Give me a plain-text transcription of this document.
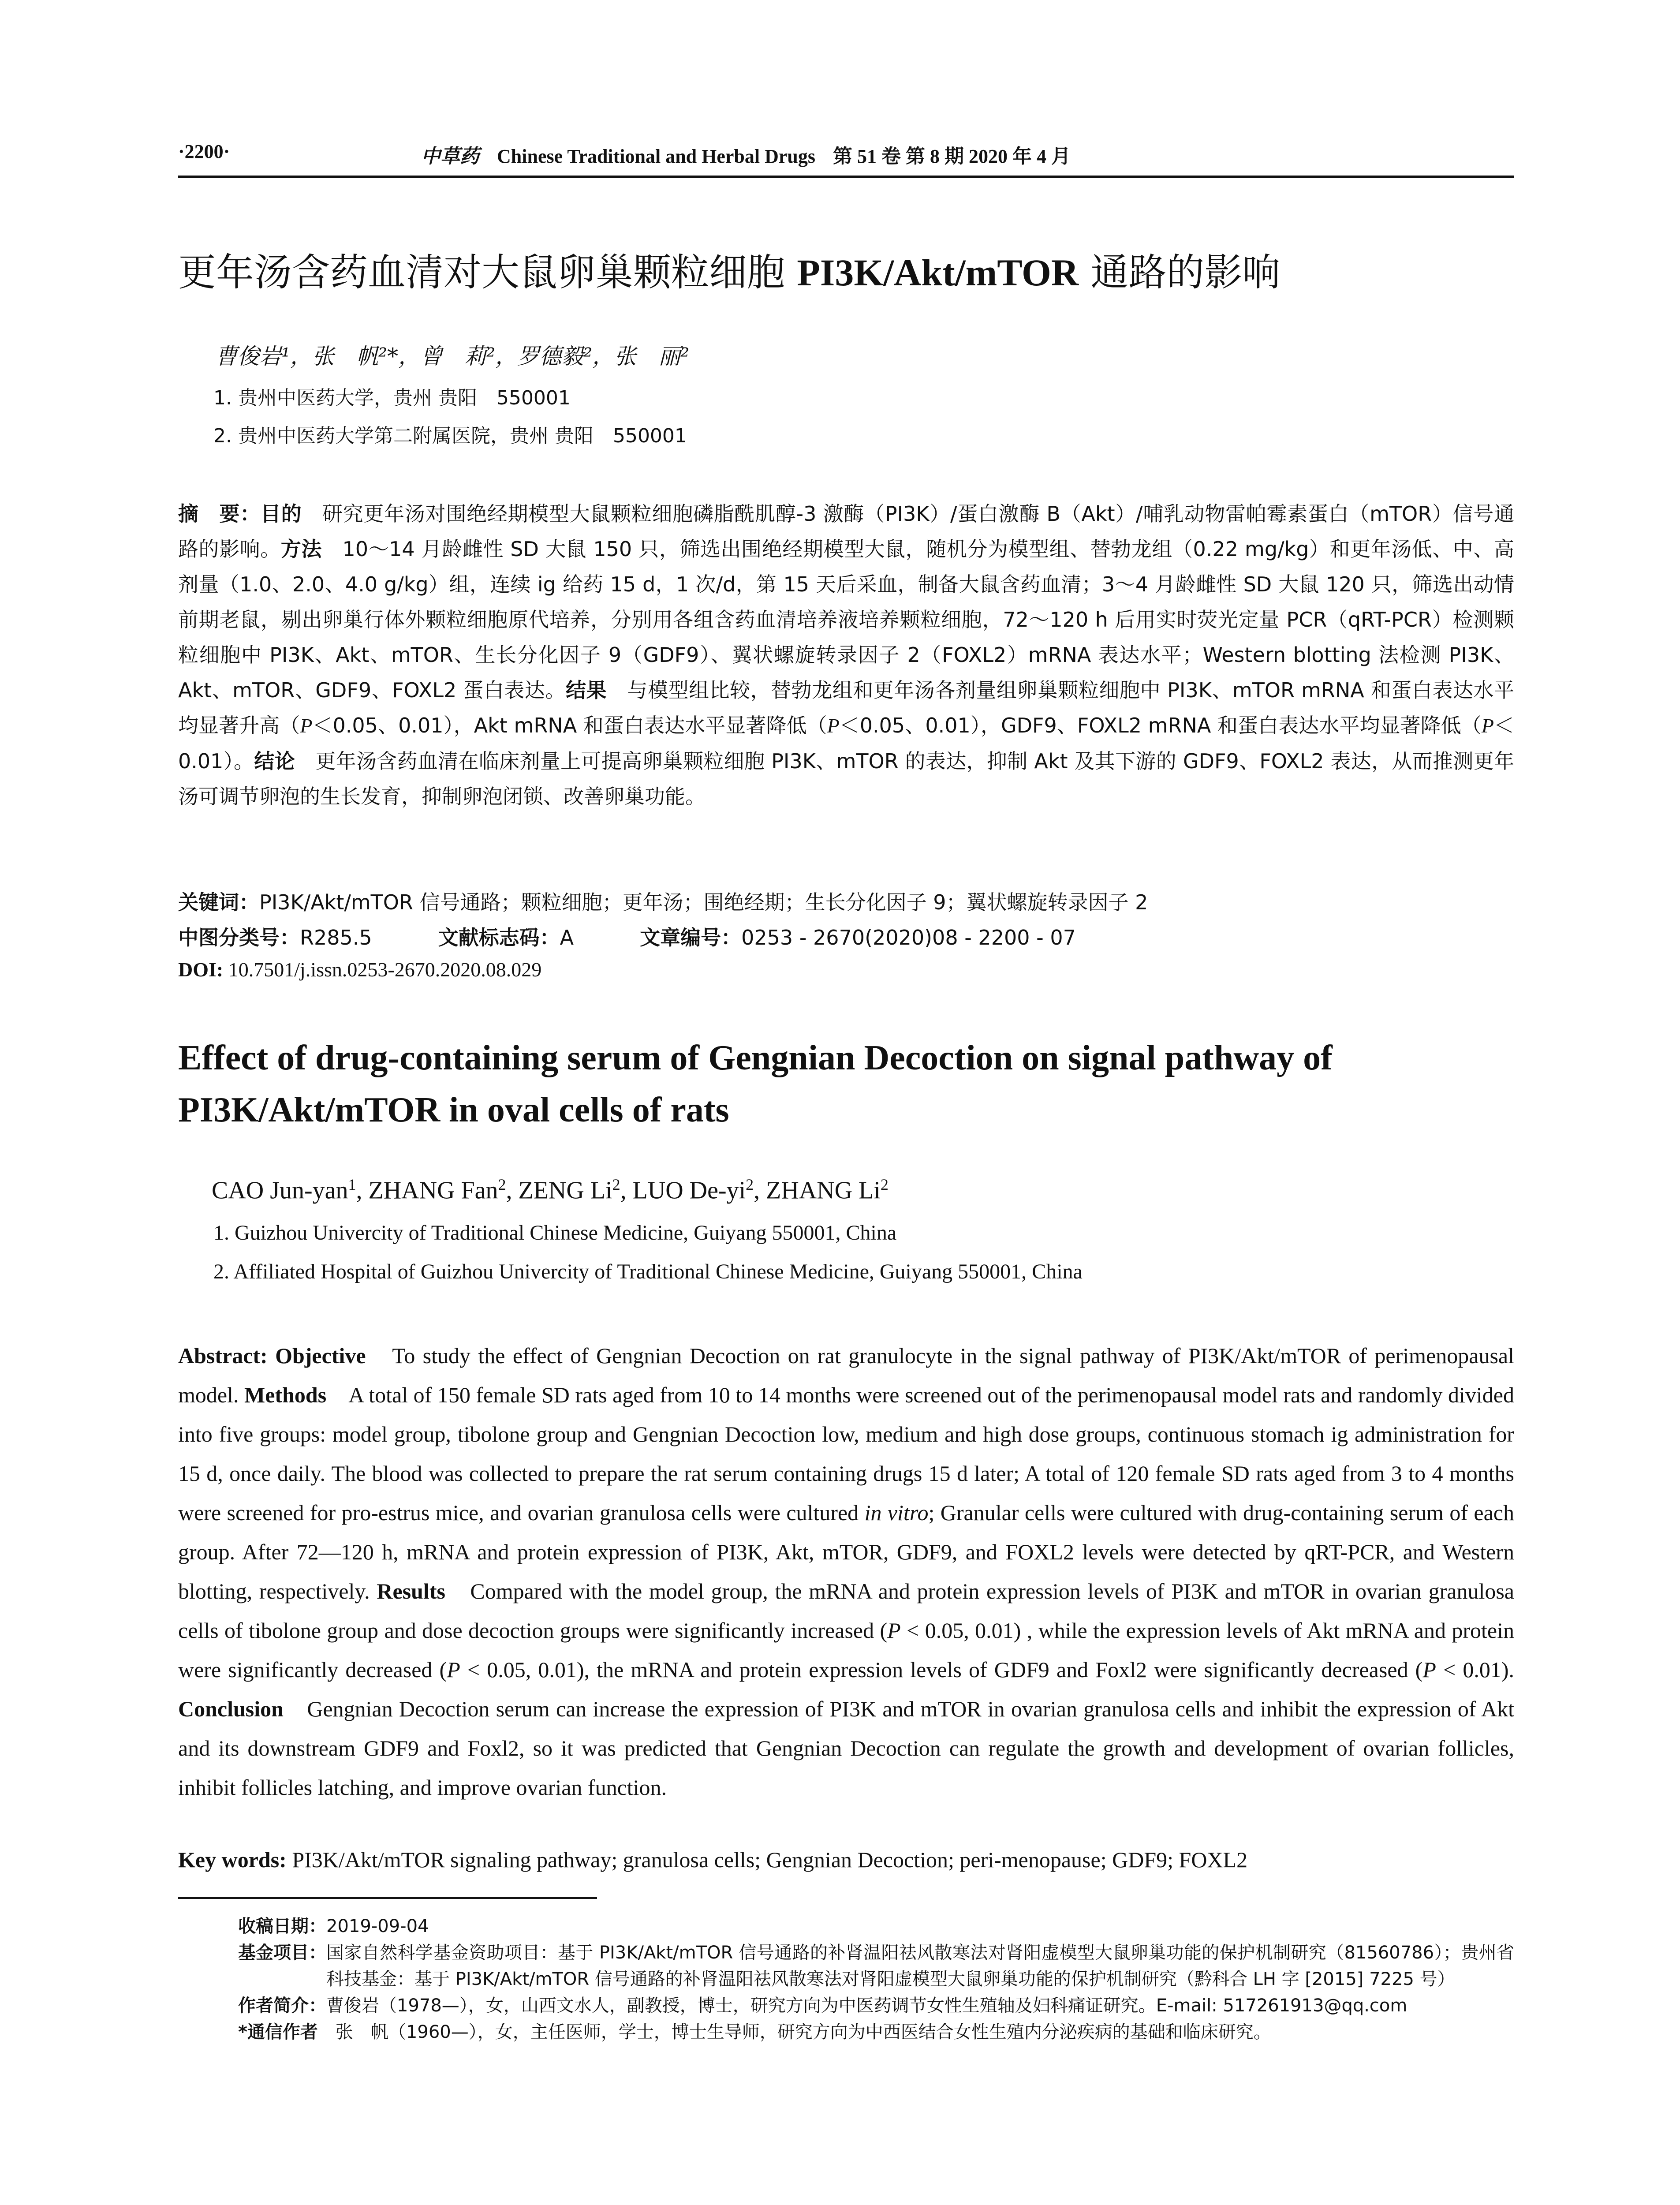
·2200·	中草药 Chinese Traditional and Herbal Drugs 第 51 卷 第 8 期 2020 年 4 月
更年汤含药血清对大鼠卵巢颗粒细胞 PI3K/Akt/mTOR 通路的影响
曹俊岩¹，张　帆²*，曾　莉²，罗德毅²，张　丽²
1. 贵州中医药大学，贵州 贵阳　550001
2. 贵州中医药大学第二附属医院，贵州 贵阳　550001
摘　要：目的　研究更年汤对围绝经期模型大鼠颗粒细胞磷脂酰肌醇-3 激酶（PI3K）/蛋白激酶 B（Akt）/哺乳动物雷帕霉素蛋白（mTOR）信号通路的影响。方法　10～14 月龄雌性 SD 大鼠 150 只，筛选出围绝经期模型大鼠，随机分为模型组、替勃龙组（0.22 mg/kg）和更年汤低、中、高剂量（1.0、2.0、4.0 g/kg）组，连续 ig 给药 15 d，1 次/d，第 15 天后采血，制备大鼠含药血清；3～4 月龄雌性 SD 大鼠 120 只，筛选出动情前期老鼠，剔出卵巢行体外颗粒细胞原代培养，分别用各组含药血清培养液培养颗粒细胞，72～120 h 后用实时荧光定量 PCR（qRT-PCR）检测颗粒细胞中 PI3K、Akt、mTOR、生长分化因子 9（GDF9）、翼状螺旋转录因子 2（FOXL2）mRNA 表达水平；Western blotting 法检测 PI3K、Akt、mTOR、GDF9、FOXL2 蛋白表达。结果　与模型组比较，替勃龙组和更年汤各剂量组卵巢颗粒细胞中 PI3K、mTOR mRNA 和蛋白表达水平均显著升高（P＜0.05、0.01），Akt mRNA 和蛋白表达水平显著降低（P＜0.05、0.01），GDF9、FOXL2 mRNA 和蛋白表达水平均显著降低（P＜0.01）。结论　更年汤含药血清在临床剂量上可提高卵巢颗粒细胞 PI3K、mTOR 的表达，抑制 Akt 及其下游的 GDF9、FOXL2 表达，从而推测更年汤可调节卵泡的生长发育，抑制卵泡闭锁、改善卵巢功能。
关键词：PI3K/Akt/mTOR 信号通路；颗粒细胞；更年汤；围绝经期；生长分化因子 9；翼状螺旋转录因子 2
中图分类号：R285.5	文献标志码：A	文章编号：0253 - 2670(2020)08 - 2200 - 07
DOI: 10.7501/j.issn.0253-2670.2020.08.029
Effect of drug-containing serum of Gengnian Decoction on signal pathway of PI3K/Akt/mTOR in oval cells of rats
CAO Jun-yan$^1$, ZHANG Fan$^2$, ZENG Li$^2$, LUO $De-yi^2$, ZHANG Li$^2$
1. Guizhou Univercity of Traditional Chinese Medicine, Guiyang 550001, China
2. Affiliated Hospital of Guizhou Univercity of Traditional Chinese Medicine, Guiyang 550001, China
Abstract: Objective　To study the effect of Gengnian Decoction on rat granulocyte in the signal pathway of PI3K/Akt/mTOR of perimenopausal model. Methods　A total of 150 female SD rats aged from 10 to 14 months were screened out of the perimenopausal model rats and randomly divided into five groups: model group, tibolone group and Gengnian Decoction low, medium and high dose groups, continuous stomach ig administration for 15 d, once daily. The blood was collected to prepare the rat serum containing drugs 15 d later; A total of 120 female SD rats aged from 3 to 4 months were screened for pro-estrus mice, and ovarian granulosa cells were cultured in vitro; Granular cells were cultured with drug-containing serum of each group. After 72—120 h, mRNA and protein expression of PI3K, Akt, mTOR, GDF9, and FOXL2 levels were detected by qRT-PCR, and Western blotting, respectively. Results　Compared with the model group, the mRNA and protein expression levels of PI3K and mTOR in ovarian granulosa cells of tibolone group and dose decoction groups were significantly increased (P < 0.05, 0.01) , while the expression levels of Akt mRNA and protein were significantly decreased (P < 0.05, 0.01), the mRNA and protein expression levels of GDF9 and Foxl2 were significantly decreased (P < 0.01). Conclusion　Gengnian Decoction serum can increase the expression of PI3K and mTOR in ovarian granulosa cells and inhibit the expression of Akt and its downstream GDF9 and Foxl2, so it was predicted that Gengnian Decoction can regulate the growth and development of ovarian follicles, inhibit follicles latching, and improve ovarian function.
Key words: PI3K/Akt/mTOR signaling pathway; granulosa cells; Gengnian Decoction; peri-menopause; GDF9; FOXL2
收稿日期： 2019-09-04
基金项目： 国家自然科学基金资助项目：基于 PI3K/Akt/mTOR 信号通路的补肾温阳祛风散寒法对肾阳虚模型大鼠卵巢功能的保护机制研究（81560786）；贵州省科技基金：基于 PI3K/Akt/mTOR 信号通路的补肾温阳祛风散寒法对肾阳虚模型大鼠卵巢功能的保护机制研究（黔科合 LH 字 [2015] 7225 号）
作者简介： 曹俊岩（1978—），女，山西文水人，副教授，博士，研究方向为中医药调节女性生殖轴及妇科痛证研究。E-mail: 517261913@qq.com
*通信作者 　张　帆（1960—），女，主任医师，学士，博士生导师，研究方向为中西医结合女性生殖内分泌疾病的基础和临床研究。
